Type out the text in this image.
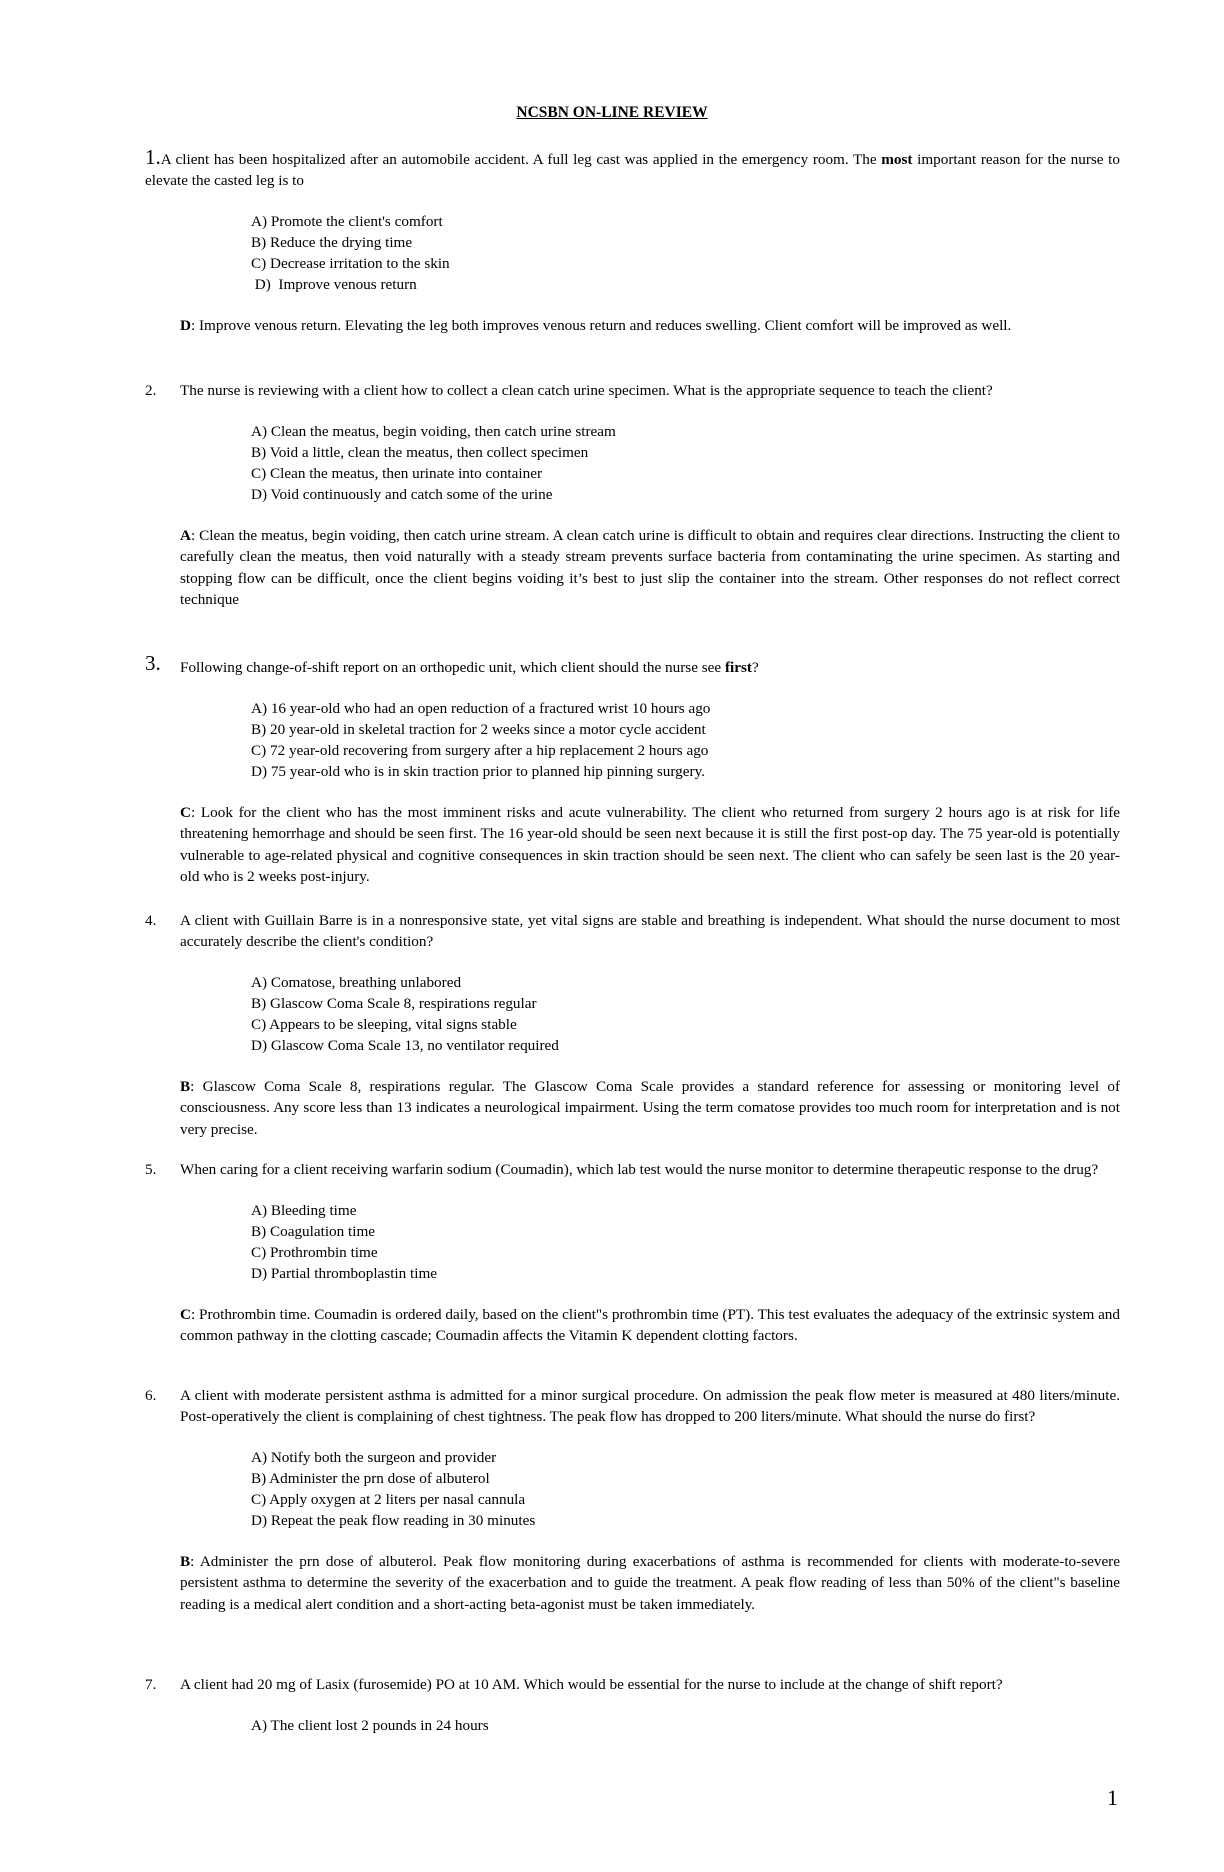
NCSBN ON-LINE REVIEW
1.A client has been hospitalized after an automobile accident. A full leg cast was applied in the emergency room. The most important reason for the nurse to elevate the casted leg is to
A) Promote the client's comfort
B) Reduce the drying time
C) Decrease irritation to the skin
D)  Improve venous return
D: Improve venous return. Elevating the leg both improves venous return and reduces swelling. Client comfort will be improved as well.
2. The nurse is reviewing with a client how to collect a clean catch urine specimen. What is the appropriate sequence to teach the client?
A) Clean the meatus, begin voiding, then catch urine stream
B) Void a little, clean the meatus, then collect specimen
C) Clean the meatus, then urinate into container
D) Void continuously and catch some of the urine
A: Clean the meatus, begin voiding, then catch urine stream. A clean catch urine is difficult to obtain and requires clear directions. Instructing the client to carefully clean the meatus, then void naturally with a steady stream prevents surface bacteria from contaminating the urine specimen. As starting and stopping flow can be difficult, once the client begins voiding it’s best to just slip the container into the stream. Other responses do not reflect correct technique
3. Following change-of-shift report on an orthopedic unit, which client should the nurse see first?
A) 16 year-old who had an open reduction of a fractured wrist 10 hours ago
B) 20 year-old in skeletal traction for 2 weeks since a motor cycle accident
C) 72 year-old recovering from surgery after a hip replacement 2 hours ago
D) 75 year-old who is in skin traction prior to planned hip pinning surgery.
C: Look for the client who has the most imminent risks and acute vulnerability. The client who returned from surgery 2 hours ago is at risk for life threatening hemorrhage and should be seen first. The 16 year-old should be seen next because it is still the first post-op day. The 75 year-old is potentially vulnerable to age-related physical and cognitive consequences in skin traction should be seen next. The client who can safely be seen last is the 20 year-old who is 2 weeks post-injury.
4. A client with Guillain Barre is in a nonresponsive state, yet vital signs are stable and breathing is independent. What should the nurse document to most accurately describe the client's condition?
A) Comatose, breathing unlabored
B) Glascow Coma Scale 8, respirations regular
C) Appears to be sleeping, vital signs stable
D) Glascow Coma Scale 13, no ventilator required
B: Glascow Coma Scale 8, respirations regular. The Glascow Coma Scale provides a standard reference for assessing or monitoring level of consciousness. Any score less than 13 indicates a neurological impairment. Using the term comatose provides too much room for interpretation and is not very precise.
5. When caring for a client receiving warfarin sodium (Coumadin), which lab test would the nurse monitor to determine therapeutic response to the drug?
A) Bleeding time
B) Coagulation time
C) Prothrombin time
D) Partial thromboplastin time
C: Prothrombin time. Coumadin is ordered daily, based on the client"s prothrombin time (PT). This test evaluates the adequacy of the extrinsic system and common pathway in the clotting cascade; Coumadin affects the Vitamin K dependent clotting factors.
6. A client with moderate persistent asthma is admitted for a minor surgical procedure. On admission the peak flow meter is measured at 480 liters/minute. Post-operatively the client is complaining of chest tightness. The peak flow has dropped to 200 liters/minute. What should the nurse do first?
A) Notify both the surgeon and provider
B) Administer the prn dose of albuterol
C) Apply oxygen at 2 liters per nasal cannula
D) Repeat the peak flow reading in 30 minutes
B: Administer the prn dose of albuterol. Peak flow monitoring during exacerbations of asthma is recommended for clients with moderate-to-severe persistent asthma to determine the severity of the exacerbation and to guide the treatment. A peak flow reading of less than 50% of the client"s baseline reading is a medical alert condition and a short-acting beta-agonist must be taken immediately.
7. A client had 20 mg of Lasix (furosemide) PO at 10 AM. Which would be essential for the nurse to include at the change of shift report?
A) The client lost 2 pounds in 24 hours
1
